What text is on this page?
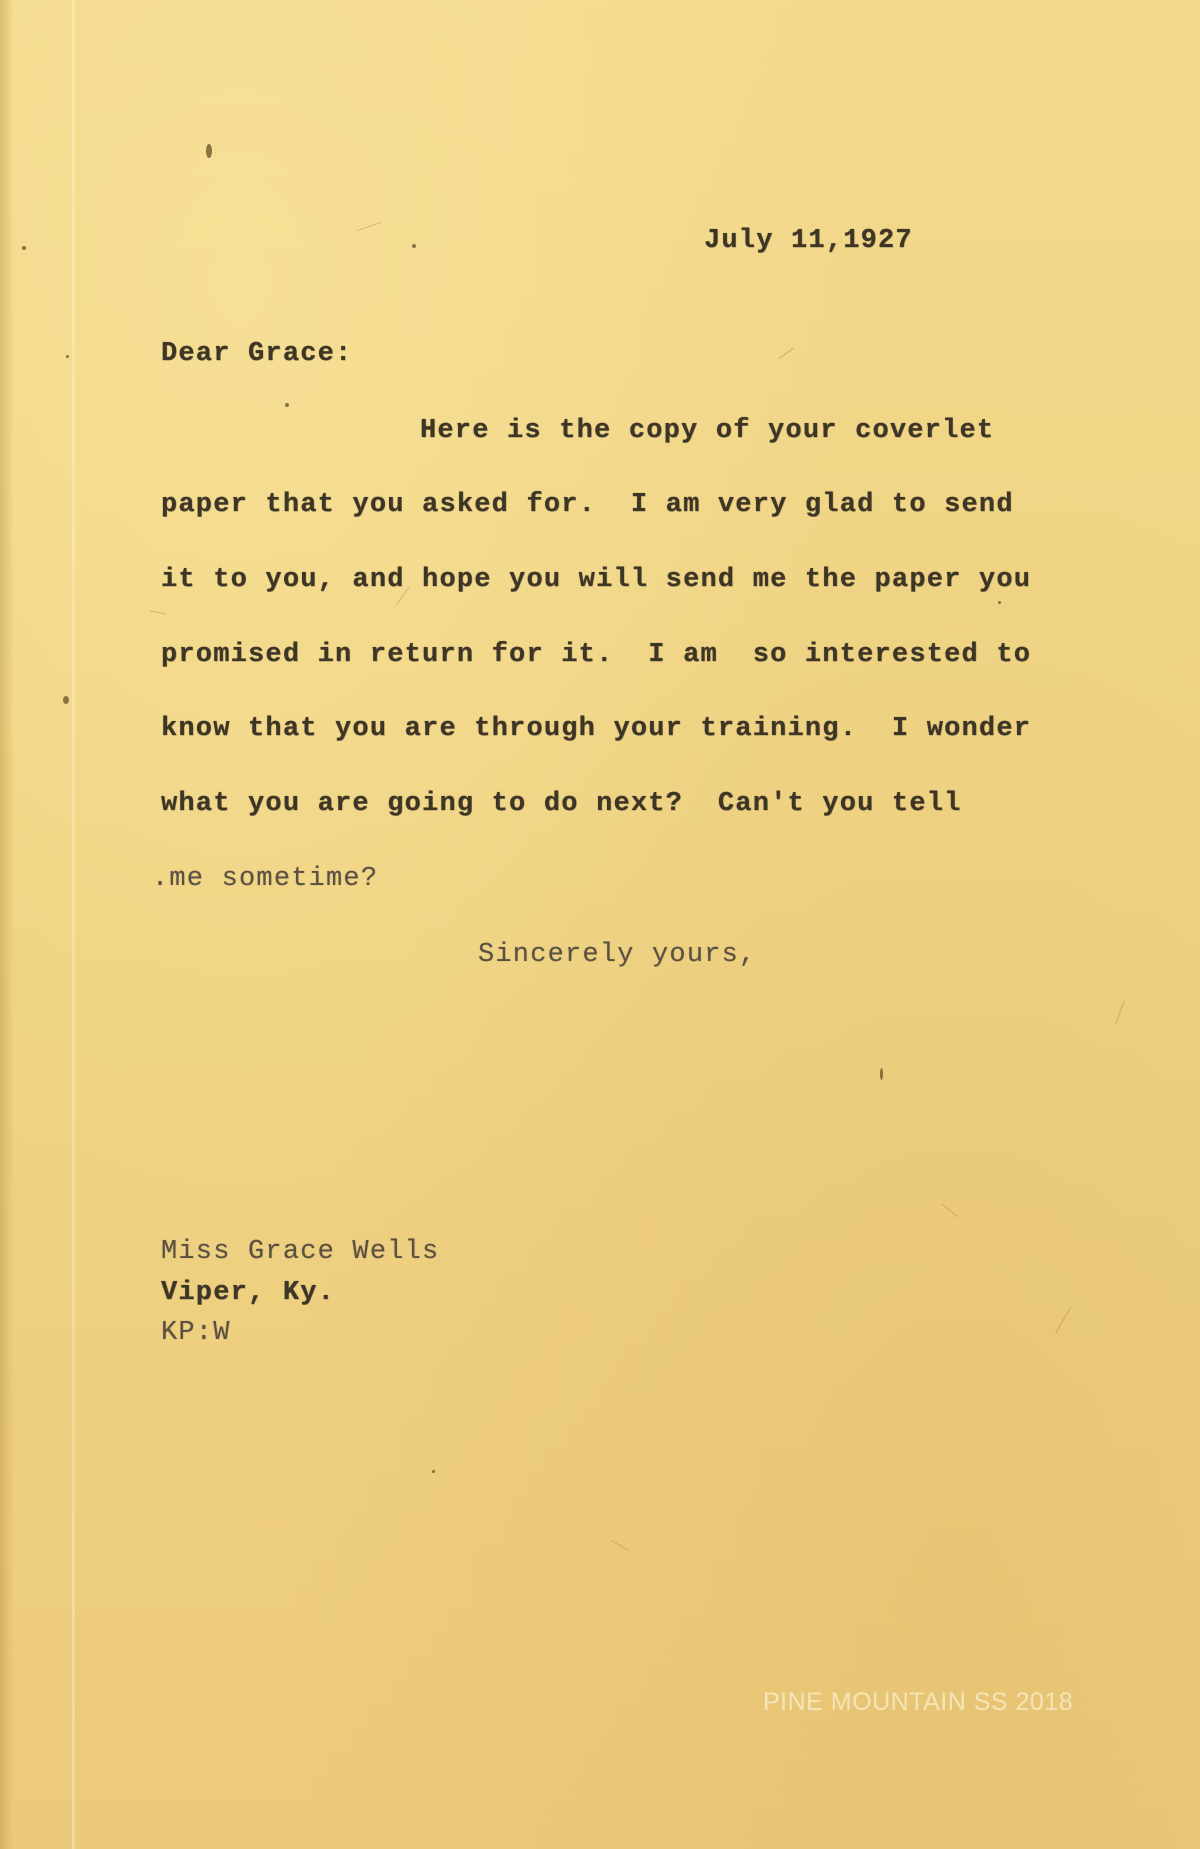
July 11,1927
Dear Grace:
Here is the copy of your coverlet
paper that you asked for.  I am very glad to send
it to you, and hope you will send me the paper you
promised in return for it.  I am  so interested to
know that you are through your training.  I wonder
what you are going to do next?  Can't you tell
.me sometime?
Sincerely yours,
Miss Grace Wells
Viper, Ky.
KP:W
PINE MOUNTAIN SS 2018
